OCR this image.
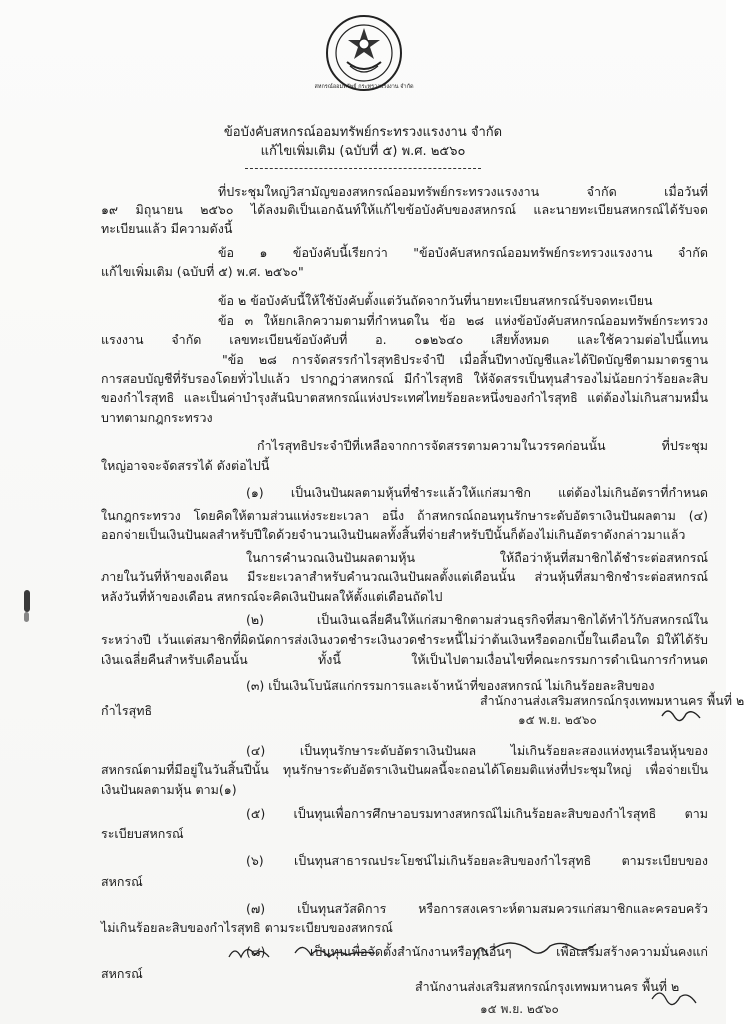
สหกรณ์ออมทรัพย์ กระทรวงแรงงาน จำกัด
ข้อบังคับสหกรณ์ออมทรัพย์กระทรวงแรงงาน จำกัด
แก้ไขเพิ่มเติม (ฉบับที่ ๕) พ.ศ. ๒๕๖๐
ที่ประชุมใหญ่วิสามัญของสหกรณ์ออมทรัพย์กระทรวงแรงงาน จำกัด เมื่อวันที่
๑๙ มิถุนายน ๒๕๖๐ ได้ลงมติเป็นเอกฉันท์ให้แก้ไขข้อบังคับของสหกรณ์ และนายทะเบียนสหกรณ์ได้รับจด
ทะเบียนแล้ว มีความดังนี้
ข้อ ๑ ข้อบังคับนี้เรียกว่า "ข้อบังคับสหกรณ์ออมทรัพย์กระทรวงแรงงาน จำกัด
แก้ไขเพิ่มเติม (ฉบับที่ ๕) พ.ศ. ๒๕๖๐"
ข้อ ๒ ข้อบังคับนี้ให้ใช้บังคับตั้งแต่วันถัดจากวันที่นายทะเบียนสหกรณ์รับจดทะเบียน
ข้อ ๓ ให้ยกเลิกความตามที่กำหนดใน ข้อ ๒๘ แห่งข้อบังคับสหกรณ์ออมทรัพย์กระทรวง
แรงงาน จำกัด เลขทะเบียนข้อบังคับที่ อ. ๐๑๒๖๔๐ เสียทั้งหมด และใช้ความต่อไปนี้แทน
"ข้อ ๒๘ การจัดสรรกำไรสุทธิประจำปี เมื่อสิ้นปีทางบัญชีและได้ปิดบัญชีตามมาตรฐาน
การสอบบัญชีที่รับรองโดยทั่วไปแล้ว ปรากฏว่าสหกรณ์ มีกำไรสุทธิ ให้จัดสรรเป็นทุนสำรองไม่น้อยกว่าร้อยละสิบ
ของกำไรสุทธิ และเป็นค่าบำรุงสันนิบาตสหกรณ์แห่งประเทศไทยร้อยละหนึ่งของกำไรสุทธิ แต่ต้องไม่เกินสามหมื่น
บาทตามกฎกระทรวง
กำไรสุทธิประจำปีที่เหลือจากการจัดสรรตามความในวรรคก่อนนั้น ที่ประชุม
ใหญ่อาจจะจัดสรรได้ ดังต่อไปนี้
(๑) เป็นเงินปันผลตามหุ้นที่ชำระแล้วให้แก่สมาชิก แต่ต้องไม่เกินอัตราที่กำหนด
ในกฎกระทรวง โดยคิดให้ตามส่วนแห่งระยะเวลา อนึ่ง ถ้าสหกรณ์ถอนทุนรักษาระดับอัตราเงินปันผลตาม (๔)
ออกจ่ายเป็นเงินปันผลสำหรับปีใดด้วยจำนวนเงินปันผลทั้งสิ้นที่จ่ายสำหรับปีนั้นก็ต้องไม่เกินอัตราดังกล่าวมาแล้ว
ในการคำนวณเงินปันผลตามหุ้น ให้ถือว่าหุ้นที่สมาชิกได้ชำระต่อสหกรณ์
ภายในวันที่ห้าของเดือน มีระยะเวลาสำหรับคำนวณเงินปันผลตั้งแต่เดือนนั้น ส่วนหุ้นที่สมาชิกชำระต่อสหกรณ์
หลังวันที่ห้าของเดือน สหกรณ์จะคิดเงินปันผลให้ตั้งแต่เดือนถัดไป
(๒) เป็นเงินเฉลี่ยคืนให้แก่สมาชิกตามส่วนธุรกิจที่สมาชิกได้ทำไว้กับสหกรณ์ใน
ระหว่างปี เว้นแต่สมาชิกที่ผิดนัดการส่งเงินงวดชำระเงินงวดชำระหนี้ไม่ว่าต้นเงินหรือดอกเบี้ยในเดือนใด มิให้ได้รับ
เงินเฉลี่ยคืนสำหรับเดือนนั้น ทั้งนี้ ให้เป็นไปตามเงื่อนไขที่คณะกรรมการดำเนินการกำหนด
(๓) เป็นเงินโบนัสแก่กรรมการและเจ้าหน้าที่ของสหกรณ์ ไม่เกินร้อยละสิบของ
กำไรสุทธิ
(๔) เป็นทุนรักษาระดับอัตราเงินปันผล ไม่เกินร้อยละสองแห่งทุนเรือนหุ้นของ
สหกรณ์ตามที่มีอยู่ในวันสิ้นปีนั้น ทุนรักษาระดับอัตราเงินปันผลนี้จะถอนได้โดยมติแห่งที่ประชุมใหญ่ เพื่อจ่ายเป็น
เงินปันผลตามหุ้น ตาม(๑)
(๕) เป็นทุนเพื่อการศึกษาอบรมทางสหกรณ์ไม่เกินร้อยละสิบของกำไรสุทธิ ตาม
ระเบียบสหกรณ์
(๖) เป็นทุนสาธารณประโยชน์ไม่เกินร้อยละสิบของกำไรสุทธิ ตามระเบียบของ
สหกรณ์
(๗) เป็นทุนสวัสดิการ หรือการสงเคราะห์ตามสมควรแก่สมาชิกและครอบครัว
ไม่เกินร้อยละสิบของกำไรสุทธิ ตามระเบียบของสหกรณ์
(๘) เป็นทุนเพื่อจัดตั้งสำนักงานหรือทุนอื่นๆ เพื่อเสริมสร้างความมั่นคงแก่
สหกรณ์
สำนักงานส่งเสริมสหกรณ์กรุงเทพมหานคร พื้นที่ ๒
๑๕ พ.ย. ๒๕๖๐
สำนักงานส่งเสริมสหกรณ์กรุงเทพมหานคร พื้นที่ ๒
๑๕ พ.ย. ๒๕๖๐
